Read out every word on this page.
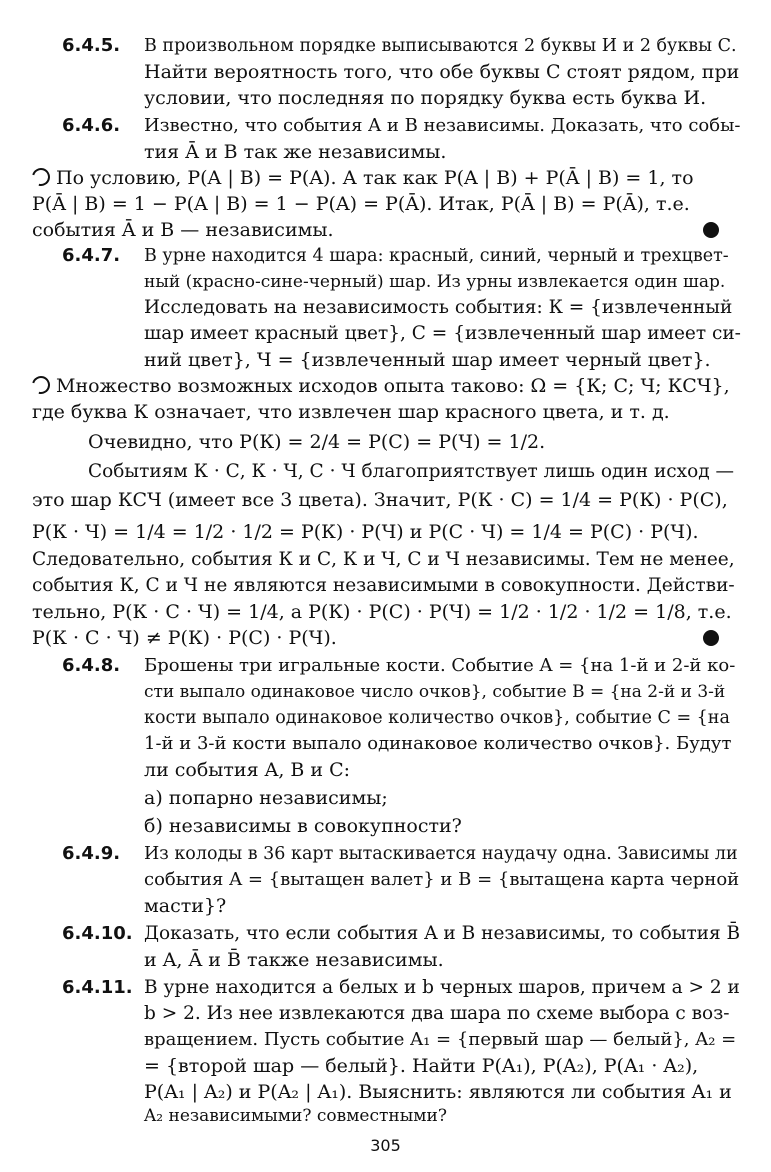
6.4.5. В произвольном порядке выписываются 2 буквы И и 2 буквы С.
Найти вероятность того, что обе буквы С стоят рядом, при
условии, что последняя по порядку буква есть буква И.
6.4.6. Известно, что события A и B независимы. Доказать, что собы-
тия Ā и B так же независимы.
По условию, P(A | B) = P(A). А так как P(A | B) + P(Ā | B) = 1, то
P(Ā | B) = 1 − P(A | B) = 1 − P(A) = P(Ā). Итак, P(Ā | B) = P(Ā), т.е.
события Ā и B — независимы.
6.4.7. В урне находится 4 шара: красный, синий, черный и трехцвет-
ный (красно-сине-черный) шар. Из урны извлекается один шар.
Исследовать на независимость события: К = {извлеченный
шар имеет красный цвет}, С = {извлеченный шар имеет си-
ний цвет}, Ч = {извлеченный шар имеет черный цвет}.
Множество возможных исходов опыта таково: Ω = {К; С; Ч; КСЧ},
где буква К означает, что извлечен шар красного цвета, и т. д.
Очевидно, что P(К) = 2/4 = P(С) = P(Ч) = 1/2.
Событиям К · С, К · Ч, С · Ч благоприятствует лишь один исход —
это шар КСЧ (имеет все 3 цвета). Значит, P(К · С) = 1/4 = P(К) · P(С),
P(К · Ч) = 1/4 = 1/2 · 1/2 = P(К) · P(Ч) и P(С · Ч) = 1/4 = P(С) · P(Ч).
Следовательно, события К и С, К и Ч, С и Ч независимы. Тем не менее,
события К, С и Ч не являются независимыми в совокупности. Действи-
тельно, P(К · С · Ч) = 1/4, а P(К) · P(С) · P(Ч) = 1/2 · 1/2 · 1/2 = 1/8, т.е.
P(К · С · Ч) ≠ P(К) · P(С) · P(Ч).
6.4.8. Брошены три игральные кости. Событие A = {на 1-й и 2-й ко-
сти выпало одинаковое число очков}, событие B = {на 2-й и 3-й
кости выпало одинаковое количество очков}, событие C = {на
1-й и 3-й кости выпало одинаковое количество очков}. Будут
ли события A, B и C:
а) попарно независимы;
б) независимы в совокупности?
6.4.9. Из колоды в 36 карт вытаскивается наудачу одна. Зависимы ли
события A = {вытащен валет} и B = {вытащена карта черной
масти}?
6.4.10. Доказать, что если события A и B независимы, то события B̄
и A, Ā и B̄ также независимы.
6.4.11. В урне находится a белых и b черных шаров, причем a > 2 и
b > 2. Из нее извлекаются два шара по схеме выбора с воз-
вращением. Пусть событие A₁ = {первый шар — белый}, A₂ =
= {второй шар — белый}. Найти P(A₁), P(A₂), P(A₁ · A₂),
P(A₁ | A₂) и P(A₂ | A₁). Выяснить: являются ли события A₁ и
A₂ независимыми? совместными?
305
